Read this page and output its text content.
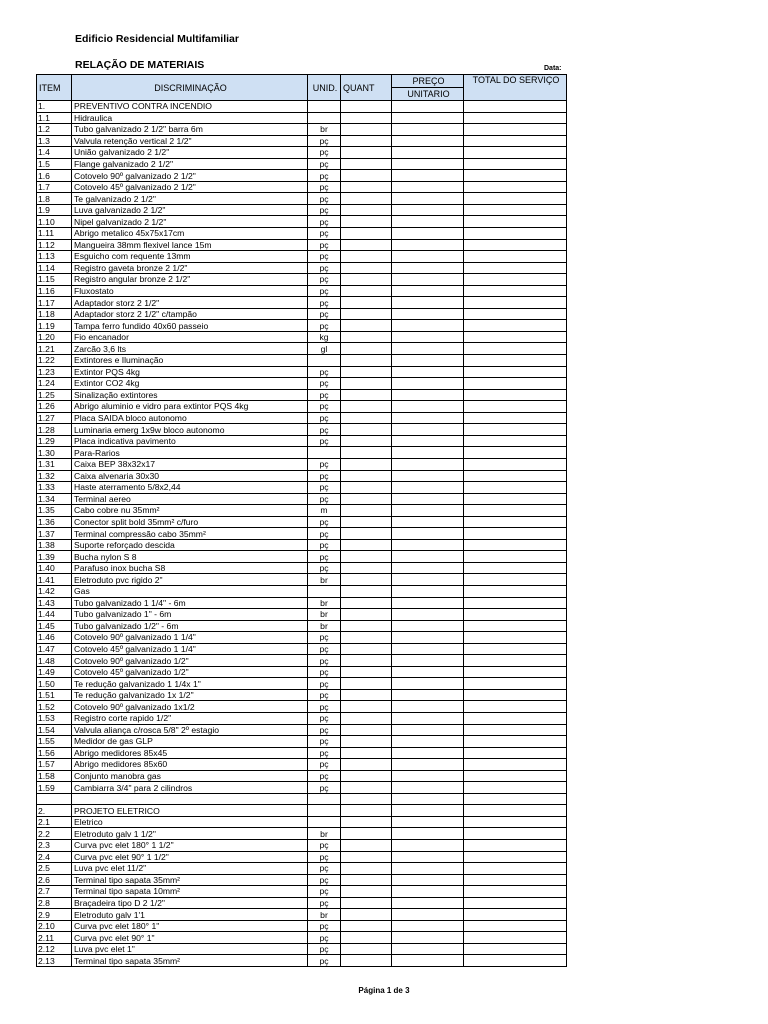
Edificio Residencial Multifamiliar
RELAÇÃO DE MATERIAIS	Data:
ITEM	DISCRIMINAÇÃO	UNID.	QUANT	PREÇO	TOTAL DO SERVIÇO
				UNITARIO	
1.	PREVENTIVO CONTRA INCENDIO				
1.1	Hidraulica				
1.2	Tubo galvanizado 2 1/2" barra 6m	br			
1.3	Valvula retenção vertical 2 1/2"	pç			
1.4	União galvanizado 2 1/2"	pç			
1.5	Flange galvanizado 2 1/2"	pç			
1.6	Cotovelo 90º galvanizado 2 1/2"	pç			
1.7	Cotovelo 45º galvanizado 2 1/2"	pç			
1.8	Te galvanizado 2 1/2"	pç			
1.9	Luva galvanizado 2 1/2"	pç			
1.10	Nipel galvanizado 2 1/2"	pç			
1.11	Abrigo metalico 45x75x17cm	pç			
1.12	Mangueira 38mm flexivel lance 15m	pç			
1.13	Esguicho com requente 13mm	pç			
1.14	Registro gaveta bronze 2 1/2"	pç			
1.15	Registro angular bronze 2 1/2"	pç			
1.16	Fluxostato	pç			
1.17	Adaptador storz 2 1/2"	pç			
1.18	Adaptador storz 2 1/2" c/tampão	pç			
1.19	Tampa ferro fundido 40x60 passeio	pç			
1.20	Fio encanador	kg			
1.21	Zarcão 3,6 lts	gl			
1.22	Extintores e Iluminação				
1.23	Extintor PQS 4kg	pç			
1.24	Extintor CO2 4kg	pç			
1.25	Sinalização extintores	pç			
1.26	Abrigo aluminio e vidro para extintor PQS 4kg	pç			
1.27	Placa SAIDA bloco autonomo	pç			
1.28	Luminaria emerg 1x9w bloco autonomo	pç			
1.29	Placa indicativa pavimento	pç			
1.30	Para-Rarios				
1.31	Caixa BEP 38x32x17	pç			
1.32	Caixa alvenaria 30x30	pç			
1.33	Haste aterramento 5/8x2,44	pç			
1.34	Terminal aereo	pç			
1.35	Cabo cobre nu 35mm²	m			
1.36	Conector split bold 35mm² c/furo	pç			
1.37	Terminal compressão cabo 35mm²	pç			
1.38	Suporte reforçado descida	pç			
1.39	Bucha nylon S 8	pç			
1.40	Parafuso inox bucha S8	pç			
1.41	Eletroduto pvc rigido 2"	br			
1.42	Gas				
1.43	Tubo galvanizado 1 1/4" - 6m	br			
1.44	Tubo galvanizado 1" - 6m	br			
1.45	Tubo galvanizado 1/2" - 6m	br			
1.46	Cotovelo 90º galvanizado 1 1/4"	pç			
1.47	Cotovelo 45º galvanizado 1 1/4"	pç			
1.48	Cotovelo 90º galvanizado 1/2"	pç			
1.49	Cotovelo 45º galvanizado 1/2"	pç			
1.50	Te redução galvanizado 1 1/4x 1"	pç			
1.51	Te redução galvanizado 1x 1/2"	pç			
1.52	Cotovelo 90º galvanizado 1x1/2	pç			
1.53	Registro corte rapido 1/2"	pç			
1.54	Valvula aliança c/rosca 5/8" 2º estagio	pç			
1.55	Medidor de gas GLP	pç			
1.56	Abrigo medidores 85x45	pç			
1.57	Abrigo medidores 85x60	pç			
1.58	Conjunto manobra gas	pç			
1.59	Cambiarra 3/4" para 2 cilindros	pç			

2.	PROJETO ELETRICO				
2.1	Eletrico				
2.2	Eletroduto galv 1 1/2"	br			
2.3	Curva pvc elet 180° 1 1/2"	pç			
2.4	Curva pvc elet 90° 1 1/2"	pç			
2.5	Luva pvc elet 11/2"	pç			
2.6	Terminal tipo sapata 35mm²	pç			
2.7	Terminal tipo sapata 10mm²	pç			
2.8	Braçadeira tipo D 2 1/2"	pç			
2.9	Eletroduto galv 1'1	br			
2.10	Curva pvc elet 180° 1"	pç			
2.11	Curva pvc elet 90° 1"	pç			
2.12	Luva pvc elet 1"	pç			
2.13	Terminal tipo sapata 35mm²	pç			
Página 1 de 3
